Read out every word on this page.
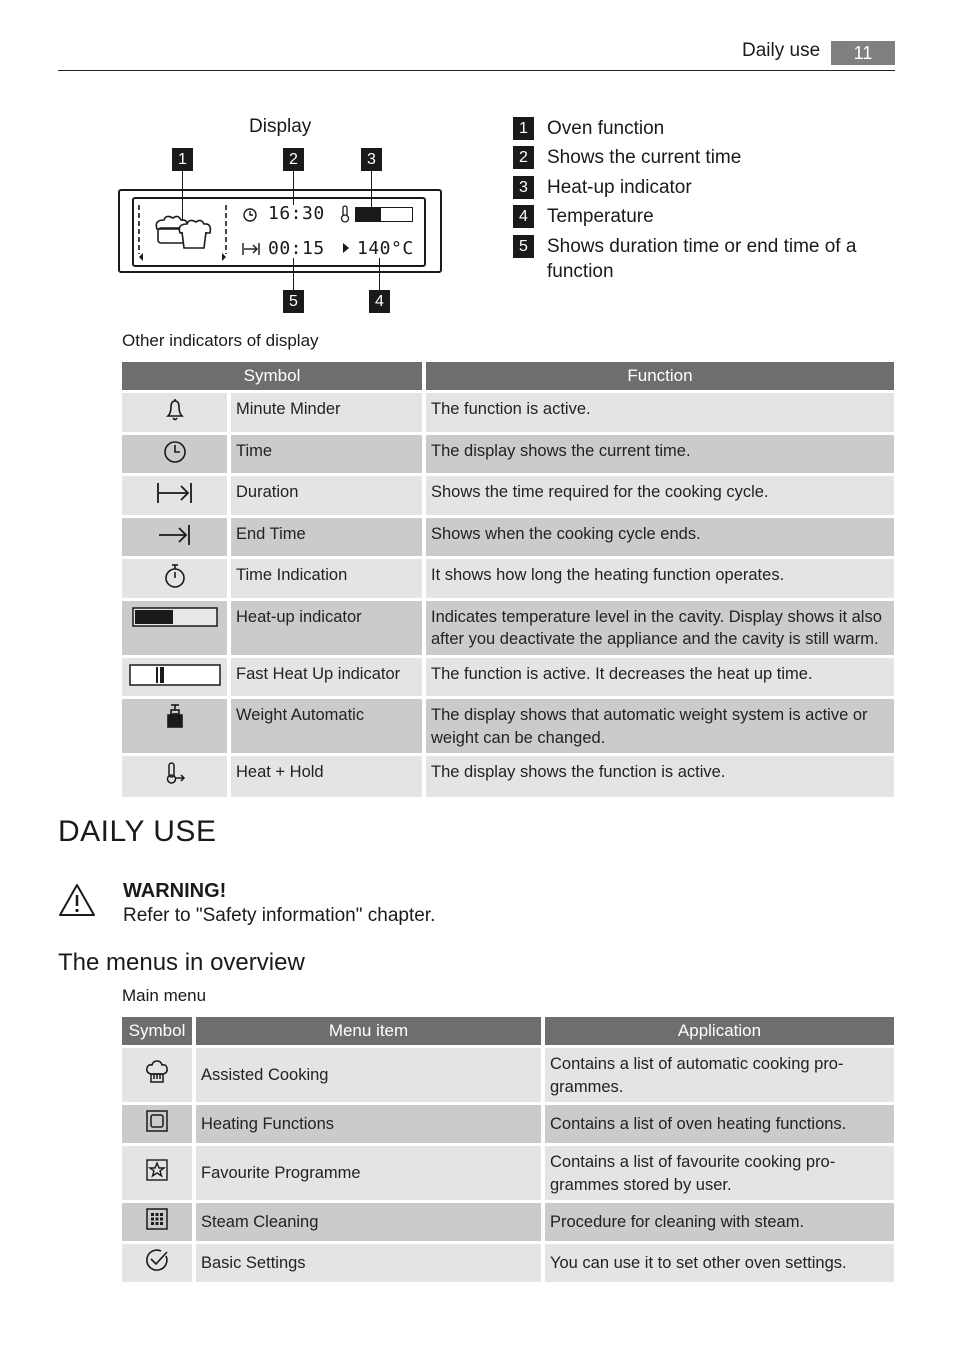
Daily use	11
Display
1	2	3
5	4
16:30
00:15 140°C
1	Oven function
2	Shows the current time
3	Heat-up indicator
4	Temperature
5	Shows duration time or end time of a function
Other indicators of display
Symbol		Function
	Minute Minder	The function is active.
	Time	The display shows the current time.
	Duration	Shows the time required for the cooking cycle.
	End Time	Shows when the cooking cycle ends.
	Time Indication	It shows how long the heating function operates.
	Heat-up indicator	Indicates temperature level in the cavity. Display shows it also after you deactivate the appliance and the cavity is still warm.
	Fast Heat Up indicator	The function is active. It decreases the heat up time.
	Weight Automatic	The display shows that automatic weight system is active or weight can be changed.
	Heat + Hold	The display shows the function is active.
DAILY USE
WARNING!
Refer to "Safety information" chapter.
The menus in overview
Main menu
Symbol	Menu item	Application
	Assisted Cooking	Contains a list of automatic cooking pro-grammes.
	Heating Functions	Contains a list of oven heating functions.
	Favourite Programme	Contains a list of favourite cooking pro-grammes stored by user.
	Steam Cleaning	Procedure for cleaning with steam.
	Basic Settings	You can use it to set other oven settings.
